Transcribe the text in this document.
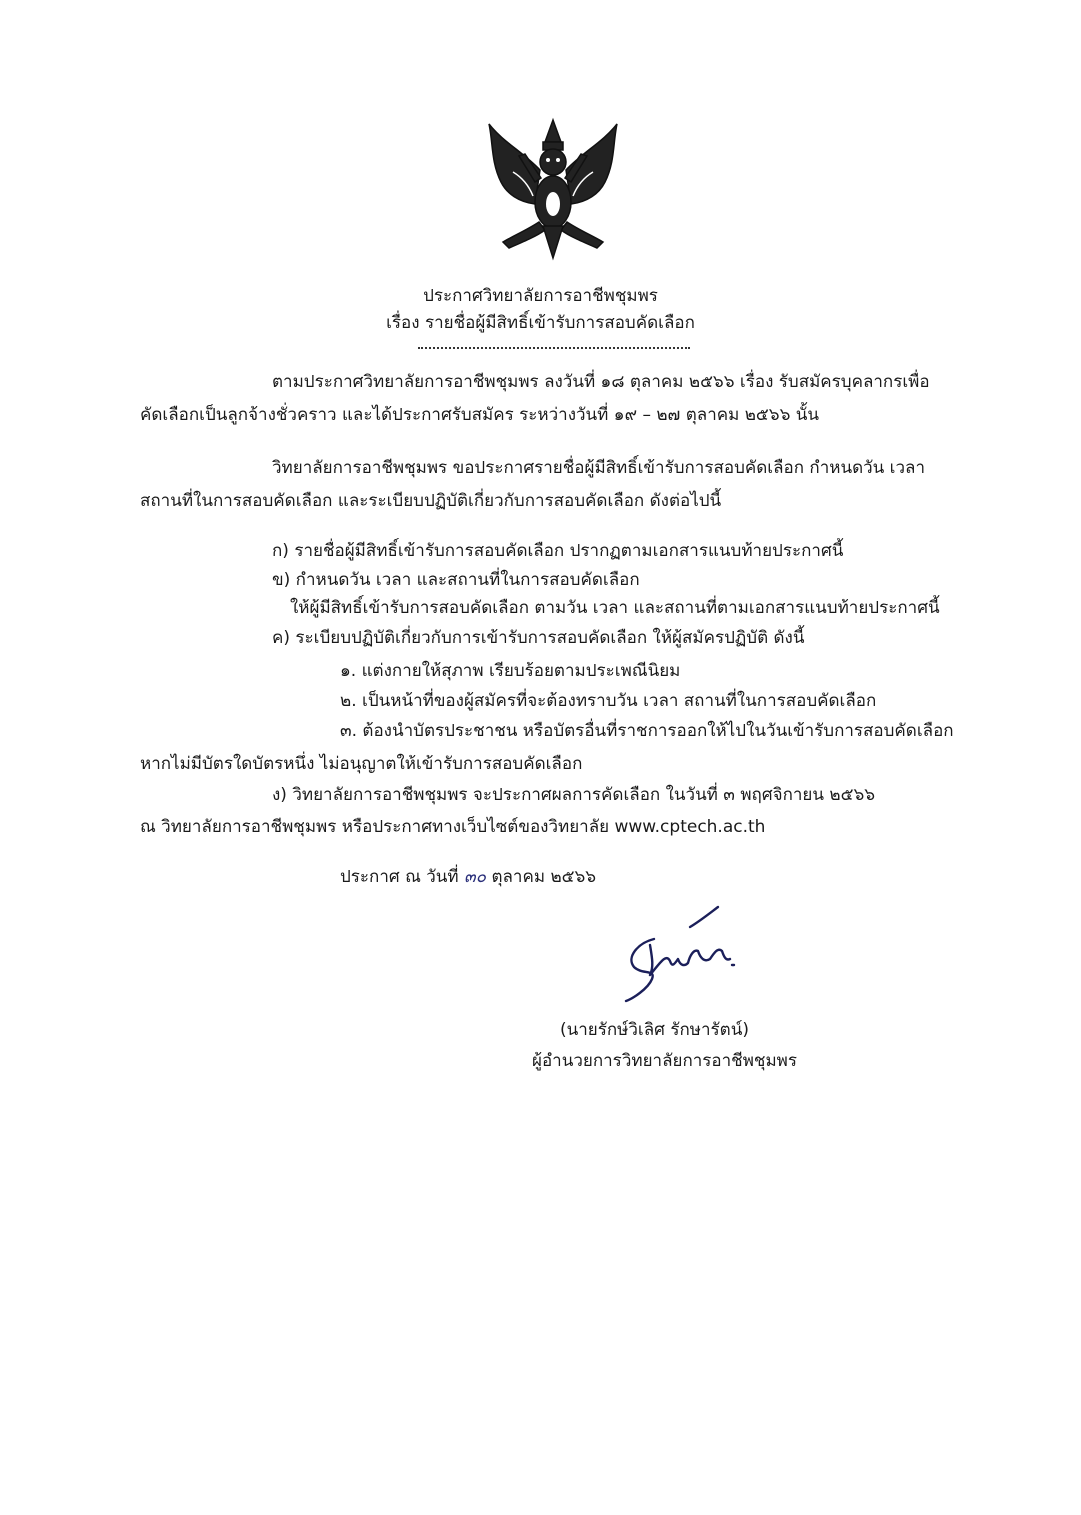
ประกาศวิทยาลัยการอาชีพชุมพร
เรื่อง รายชื่อผู้มีสิทธิ์เข้ารับการสอบคัดเลือก
ตามประกาศวิทยาลัยการอาชีพชุมพร ลงวันที่ ๑๘ ตุลาคม ๒๕๖๖ เรื่อง รับสมัครบุคลากรเพื่อ
คัดเลือกเป็นลูกจ้างชั่วคราว และได้ประกาศรับสมัคร ระหว่างวันที่ ๑๙ – ๒๗ ตุลาคม ๒๕๖๖ นั้น
วิทยาลัยการอาชีพชุมพร ขอประกาศรายชื่อผู้มีสิทธิ์เข้ารับการสอบคัดเลือก กำหนดวัน เวลา
สถานที่ในการสอบคัดเลือก และระเบียบปฏิบัติเกี่ยวกับการสอบคัดเลือก ดังต่อไปนี้
ก) รายชื่อผู้มีสิทธิ์เข้ารับการสอบคัดเลือก ปรากฏตามเอกสารแนบท้ายประกาศนี้
ข) กำหนดวัน เวลา และสถานที่ในการสอบคัดเลือก
ให้ผู้มีสิทธิ์เข้ารับการสอบคัดเลือก ตามวัน เวลา และสถานที่ตามเอกสารแนบท้ายประกาศนี้
ค) ระเบียบปฏิบัติเกี่ยวกับการเข้ารับการสอบคัดเลือก ให้ผู้สมัครปฏิบัติ ดังนี้
๑. แต่งกายให้สุภาพ เรียบร้อยตามประเพณีนิยม
๒. เป็นหน้าที่ของผู้สมัครที่จะต้องทราบวัน เวลา สถานที่ในการสอบคัดเลือก
๓. ต้องนำบัตรประชาชน หรือบัตรอื่นที่ราชการออกให้ไปในวันเข้ารับการสอบคัดเลือก
หากไม่มีบัตรใดบัตรหนึ่ง ไม่อนุญาตให้เข้ารับการสอบคัดเลือก
ง) วิทยาลัยการอาชีพชุมพร จะประกาศผลการคัดเลือก ในวันที่ ๓ พฤศจิกายน ๒๕๖๖
ณ วิทยาลัยการอาชีพชุมพร หรือประกาศทางเว็บไซต์ของวิทยาลัย www.cptech.ac.th
ประกาศ ณ วันที่ ๓๐ ตุลาคม ๒๕๖๖
(นายรักษ์วิเลิศ รักษารัตน์)
ผู้อำนวยการวิทยาลัยการอาชีพชุมพร
